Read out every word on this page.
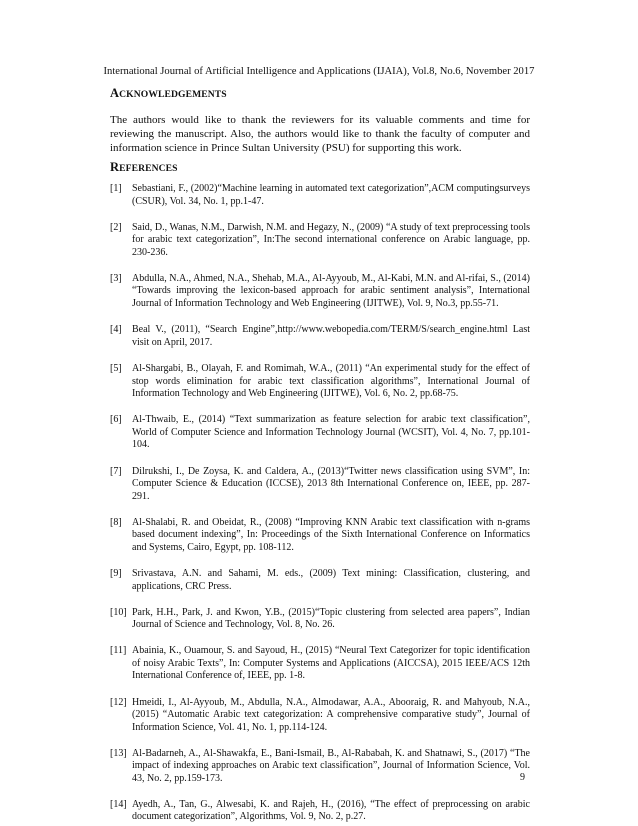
International Journal of Artificial Intelligence and Applications (IJAIA), Vol.8, No.6, November 2017
ACKNOWLEDGEMENTS
The authors would like to thank the reviewers for its valuable comments and time for reviewing the manuscript. Also, the authors would like to thank the faculty of computer and information science in Prince Sultan University (PSU) for supporting this work.
REFERENCES
[1] Sebastiani, F., (2002)“Machine learning in automated text categorization”,ACM computingsurveys (CSUR), Vol. 34, No. 1, pp.1-47.
[2] Said, D., Wanas, N.M., Darwish, N.M. and Hegazy, N., (2009) “A study of text preprocessing tools for arabic text categorization”, In:The second international conference on Arabic language, pp. 230-236.
[3] Abdulla, N.A., Ahmed, N.A., Shehab, M.A., Al-Ayyoub, M., Al-Kabi, M.N. and Al-rifai, S., (2014) “Towards improving the lexicon-based approach for arabic sentiment analysis”, International Journal of Information Technology and Web Engineering (IJITWE), Vol. 9, No.3, pp.55-71.
[4] Beal V., (2011), “Search Engine”,http://www.webopedia.com/TERM/S/search_engine.html Last visit on April, 2017.
[5] Al-Shargabi, B., Olayah, F. and Romimah, W.A., (2011) “An experimental study for the effect of stop words elimination for arabic text classification algorithms”, International Journal of Information Technology and Web Engineering (IJITWE), Vol. 6, No. 2, pp.68-75.
[6] Al-Thwaib, E., (2014) “Text summarization as feature selection for arabic text classification”, World of Computer Science and Information Technology Journal (WCSIT), Vol. 4, No. 7, pp.101-104.
[7] Dilrukshi, I., De Zoysa, K. and Caldera, A., (2013)“Twitter news classification using SVM”, In: Computer Science & Education (ICCSE), 2013 8th International Conference on, IEEE, pp. 287-291.
[8] Al-Shalabi, R. and Obeidat, R., (2008) “Improving KNN Arabic text classification with n-grams based document indexing”, In: Proceedings of the Sixth International Conference on Informatics and Systems, Cairo, Egypt, pp. 108-112.
[9] Srivastava, A.N. and Sahami, M. eds., (2009) Text mining: Classification, clustering, and applications, CRC Press.
[10] Park, H.H., Park, J. and Kwon, Y.B., (2015)“Topic clustering from selected area papers”, Indian Journal of Science and Technology, Vol. 8, No. 26.
[11] Abainia, K., Ouamour, S. and Sayoud, H., (2015) “Neural Text Categorizer for topic identification of noisy Arabic Texts”, In: Computer Systems and Applications (AICCSA), 2015 IEEE/ACS 12th International Conference of, IEEE, pp. 1-8.
[12] Hmeidi, I., Al-Ayyoub, M., Abdulla, N.A., Almodawar, A.A., Abooraig, R. and Mahyoub, N.A., (2015) “Automatic Arabic text categorization: A comprehensive comparative study”, Journal of Information Science, Vol. 41, No. 1, pp.114-124.
[13] Al-Badarneh, A., Al-Shawakfa, E., Bani-Ismail, B., Al-Rababah, K. and Shatnawi, S., (2017) “The impact of indexing approaches on Arabic text classification”, Journal of Information Science, Vol. 43, No. 2, pp.159-173.
[14] Ayedh, A., Tan, G., Alwesabi, K. and Rajeh, H., (2016), “The effect of preprocessing on arabic document categorization”, Algorithms, Vol. 9, No. 2, p.27.
9
